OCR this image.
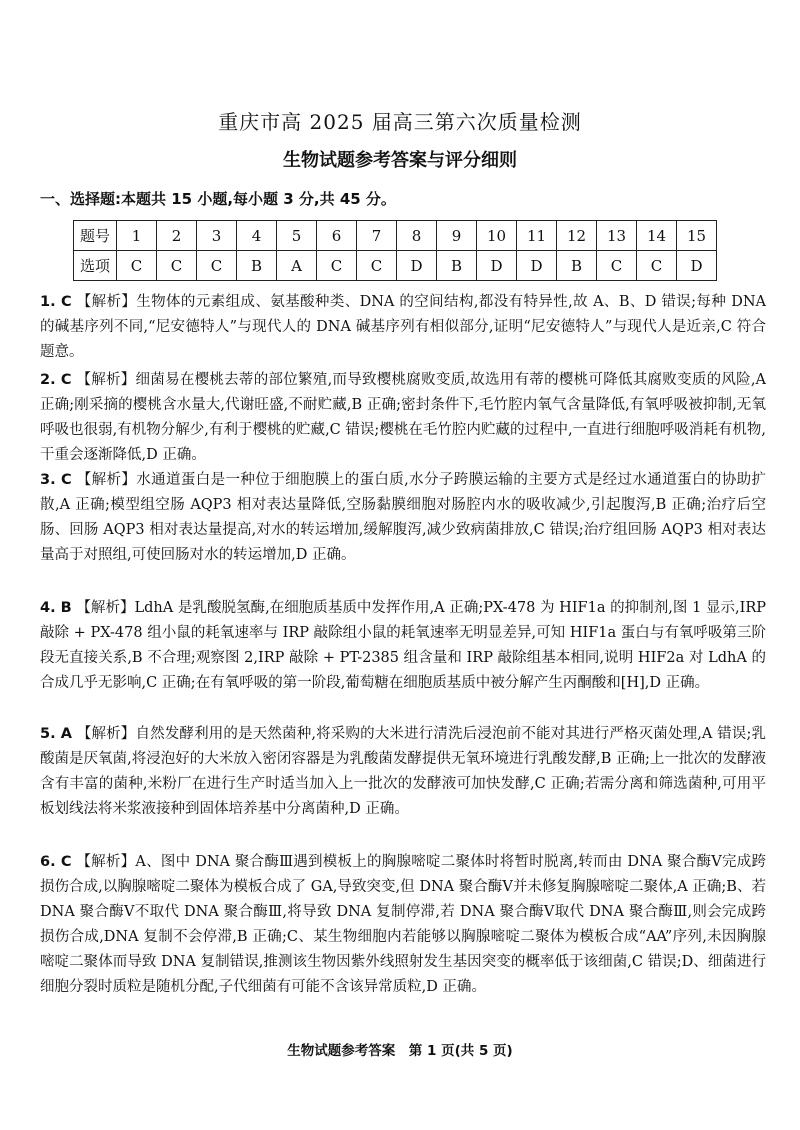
重庆市高 2025 届高三第六次质量检测
生物试题参考答案与评分细则
一、选择题:本题共 15 小题,每小题 3 分,共 45 分。
题号	1	2	3	4	5	6	7	8	9	10	11	12	13	14	15
选项	C	C	C	B	A	C	C	D	B	D	D	B	C	C	D
1. C 【解析】生物体的元素组成、氨基酸种类、DNA 的空间结构,都没有特异性,故 A、B、D 错误;每种 DNA 的碱基序列不同,“尼安德特人”与现代人的 DNA 碱基序列有相似部分,证明“尼安德特人”与现代人是近亲,C 符合题意。
2. C 【解析】细菌易在樱桃去蒂的部位繁殖,而导致樱桃腐败变质,故选用有蒂的樱桃可降低其腐败变质的风险,A 正确;刚采摘的樱桃含水量大,代谢旺盛,不耐贮藏,B 正确;密封条件下,毛竹腔内氧气含量降低,有氧呼吸被抑制,无氧呼吸也很弱,有机物分解少,有利于樱桃的贮藏,C 错误;樱桃在毛竹腔内贮藏的过程中,一直进行细胞呼吸消耗有机物,干重会逐渐降低,D 正确。
3. C 【解析】水通道蛋白是一种位于细胞膜上的蛋白质,水分子跨膜运输的主要方式是经过水通道蛋白的协助扩散,A 正确;模型组空肠 AQP3 相对表达量降低,空肠黏膜细胞对肠腔内水的吸收减少,引起腹泻,B 正确;治疗后空肠、回肠 AQP3 相对表达量提高,对水的转运增加,缓解腹泻,减少致病菌排放,C 错误;治疗组回肠 AQP3 相对表达量高于对照组,可使回肠对水的转运增加,D 正确。
4. B 【解析】LdhA 是乳酸脱氢酶,在细胞质基质中发挥作用,A 正确;PX-478 为 HIF1a 的抑制剂,图 1 显示,IRP 敲除 + PX-478 组小鼠的耗氧速率与 IRP 敲除组小鼠的耗氧速率无明显差异,可知 HIF1a 蛋白与有氧呼吸第三阶段无直接关系,B 不合理;观察图 2,IRP 敲除 + PT-2385 组含量和 IRP 敲除组基本相同,说明 HIF2a 对 LdhA 的合成几乎无影响,C 正确;在有氧呼吸的第一阶段,葡萄糖在细胞质基质中被分解产生丙酮酸和[H],D 正确。
5. A 【解析】自然发酵利用的是天然菌种,将采购的大米进行清洗后浸泡前不能对其进行严格灭菌处理,A 错误;乳酸菌是厌氧菌,将浸泡好的大米放入密闭容器是为乳酸菌发酵提供无氧环境进行乳酸发酵,B 正确;上一批次的发酵液含有丰富的菌种,米粉厂在进行生产时适当加入上一批次的发酵液可加快发酵,C 正确;若需分离和筛选菌种,可用平板划线法将米浆液接种到固体培养基中分离菌种,D 正确。
6. C 【解析】A、图中 DNA 聚合酶Ⅲ遇到模板上的胸腺嘧啶二聚体时将暂时脱离,转而由 DNA 聚合酶Ⅴ完成跨损伤合成,以胸腺嘧啶二聚体为模板合成了 GA,导致突变,但 DNA 聚合酶Ⅴ并未修复胸腺嘧啶二聚体,A 正确;B、若 DNA 聚合酶Ⅴ不取代 DNA 聚合酶Ⅲ,将导致 DNA 复制停滞,若 DNA 聚合酶Ⅴ取代 DNA 聚合酶Ⅲ,则会完成跨损伤合成,DNA 复制不会停滞,B 正确;C、某生物细胞内若能够以胸腺嘧啶二聚体为模板合成“AA”序列,未因胸腺嘧啶二聚体而导致 DNA 复制错误,推测该生物因紫外线照射发生基因突变的概率低于该细菌,C 错误;D、细菌进行细胞分裂时质粒是随机分配,子代细菌有可能不含该异常质粒,D 正确。
生物试题参考答案　第 1 页(共 5 页)
